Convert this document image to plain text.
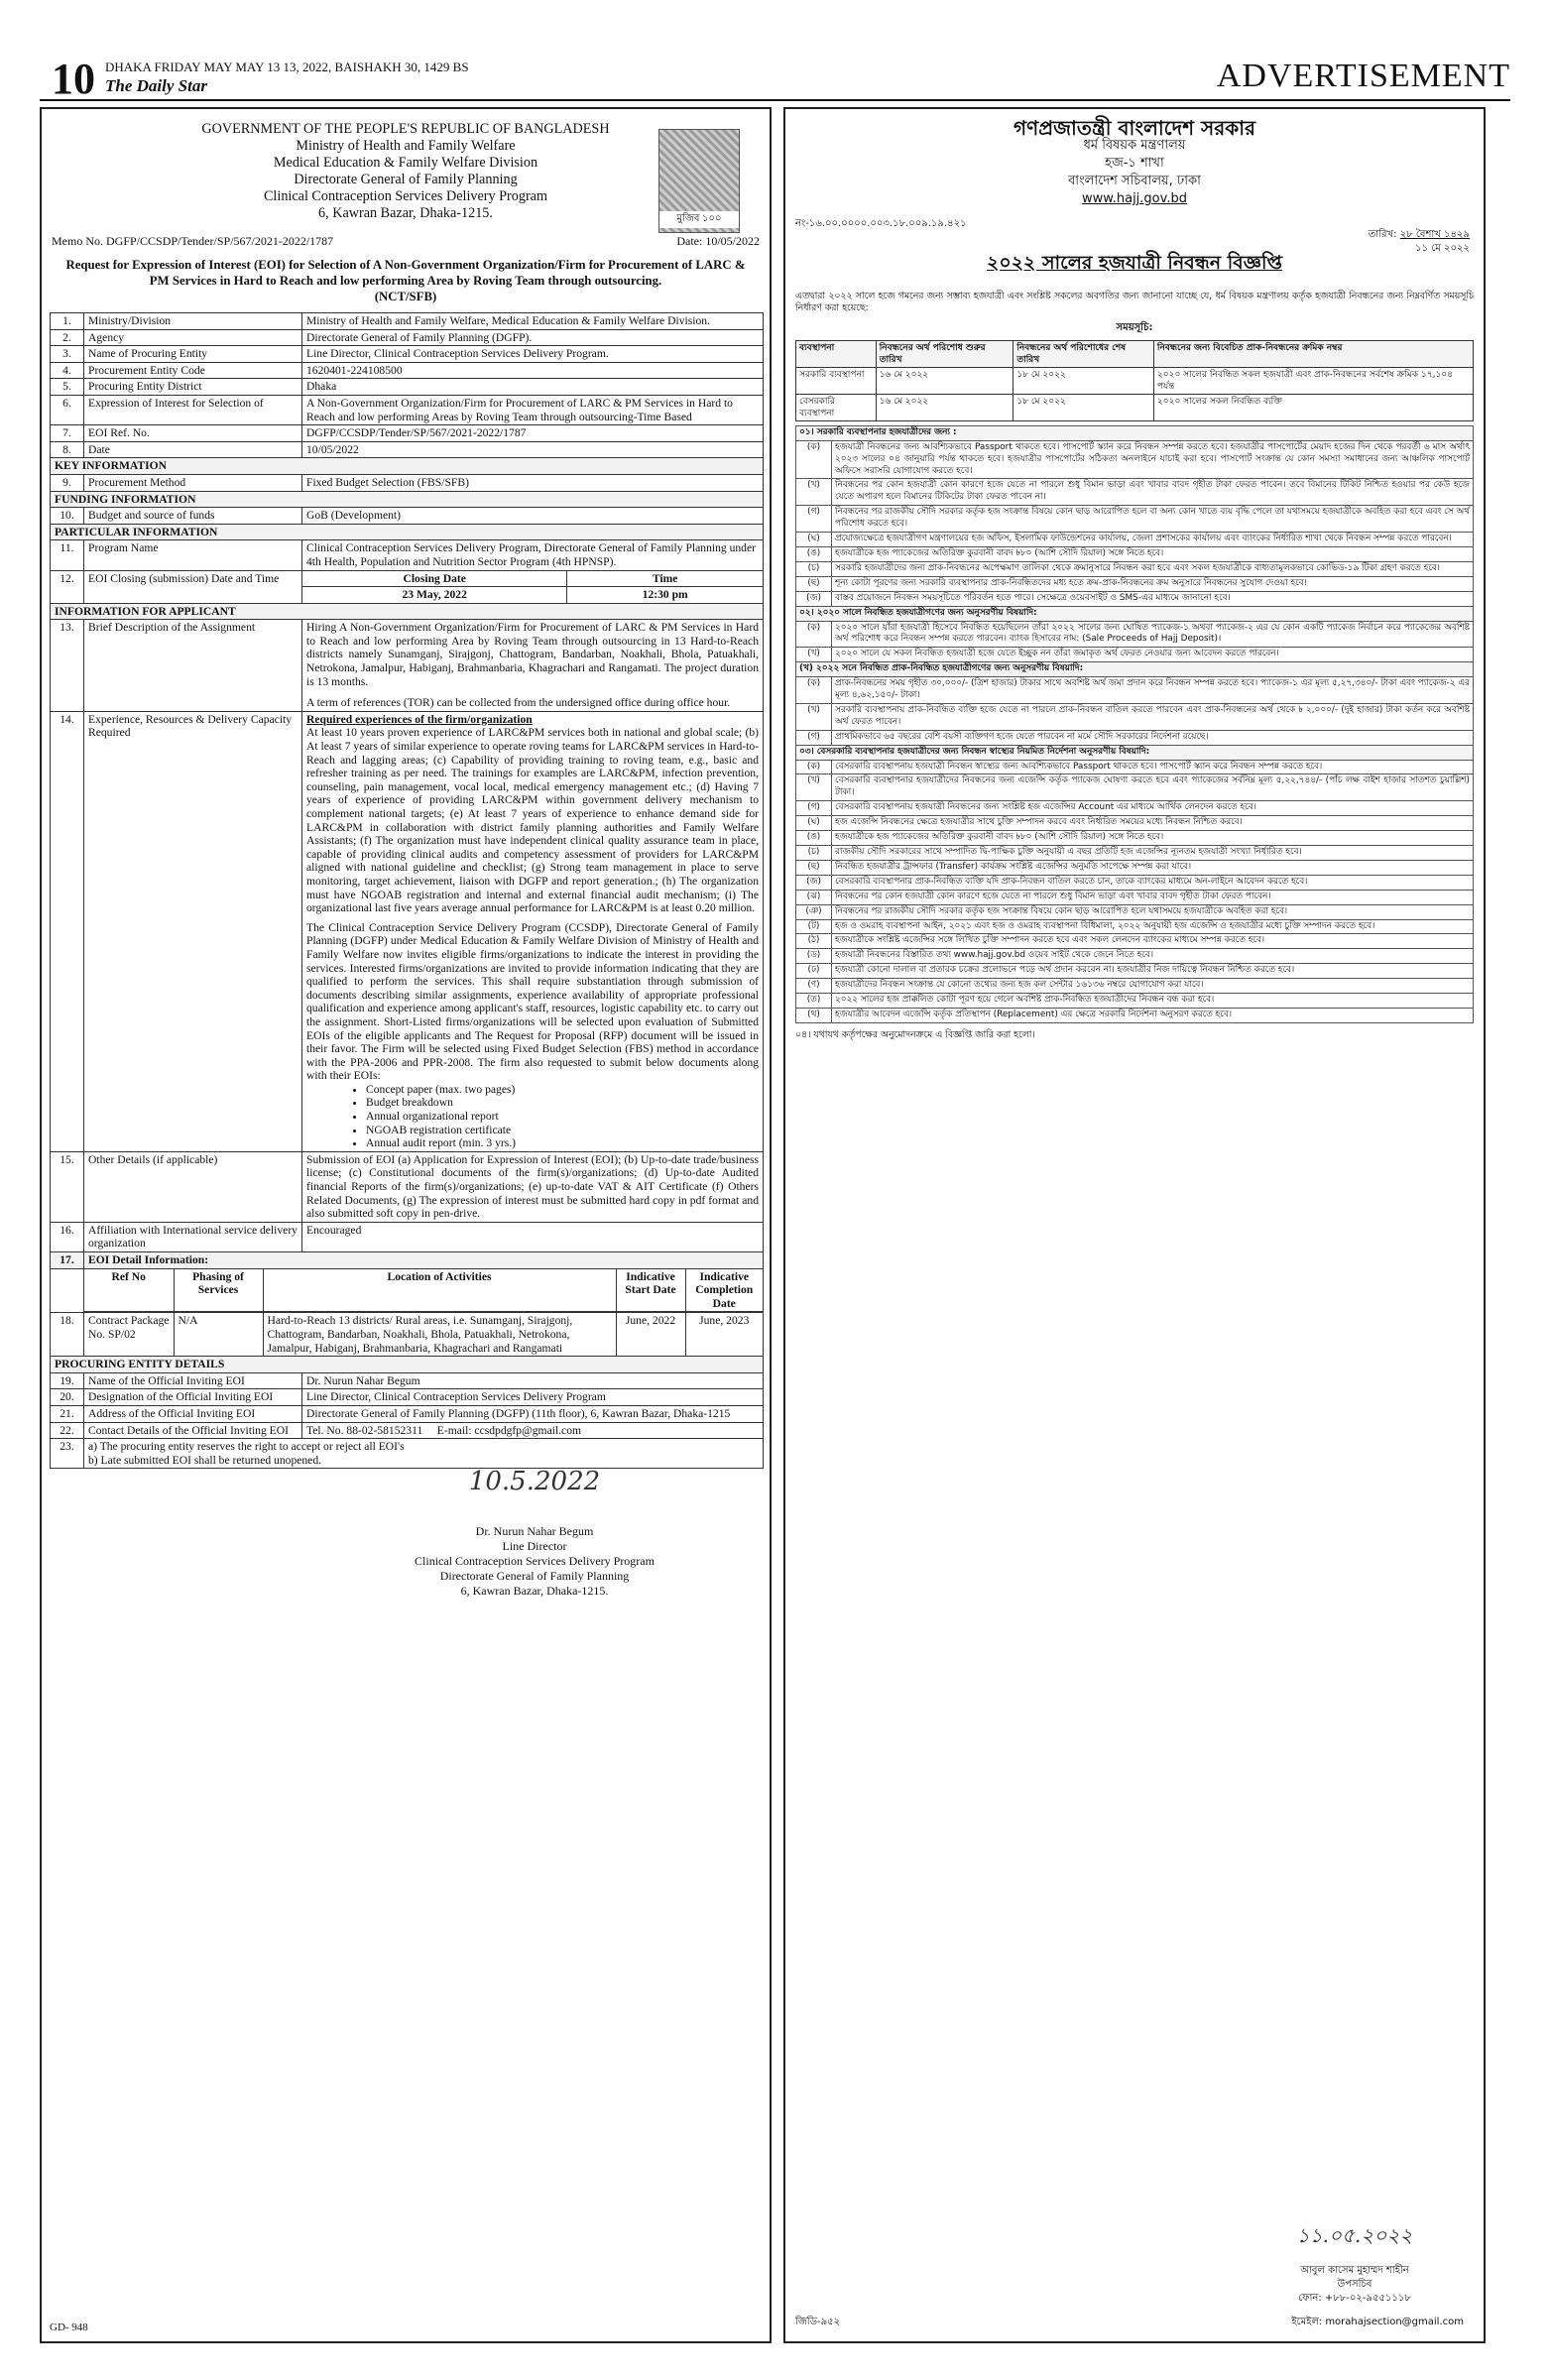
10 DHAKA FRIDAY MAY MAY 13 13, 2022, BAISHAKH 30, 1429 BS
The Daily Star	ADVERTISEMENT
মুজিব ১০০
GOVERNMENT OF THE PEOPLE'S REPUBLIC OF BANGLADESH
Ministry of Health and Family Welfare
Medical Education & Family Welfare Division
Directorate General of Family Planning
Clinical Contraception Services Delivery Program
6, Kawran Bazar, Dhaka-1215.
Memo No. DGFP/CCSDP/Tender/SP/567/2021-2022/1787	Date: 10/05/2022
Request for Expression of Interest (EOI) for Selection of A Non-Government Organization/Firm for Procurement of LARC & PM Services in Hard to Reach and low performing Area by Roving Team through outsourcing.
(NCT/SFB)
1.	Ministry/Division	Ministry of Health and Family Welfare, Medical Education & Family Welfare Division.
2.	Agency	Directorate General of Family Planning (DGFP).
3.	Name of Procuring Entity	Line Director, Clinical Contraception Services Delivery Program.
4.	Procurement Entity Code	1620401-224108500
5.	Procuring Entity District	Dhaka
6.	Expression of Interest for Selection of	A Non-Government Organization/Firm for Procurement of LARC & PM Services in Hard to Reach and low performing Areas by Roving Team through outsourcing-Time Based
7.	EOI Ref. No.	DGFP/CCSDP/Tender/SP/567/2021-2022/1787
8.	Date	10/05/2022
KEY INFORMATION
9.	Procurement Method	Fixed Budget Selection (FBS/SFB)
FUNDING INFORMATION
10.	Budget and source of funds	GoB (Development)
PARTICULAR INFORMATION
11.	Program Name	Clinical Contraception Services Delivery Program, Directorate General of Family Planning under 4th Health, Population and Nutrition Sector Program (4th HPNSP).
12.	EOI Closing (submission) Date and Time		Closing Date	Time
23 May, 2022	12:30 pm

INFORMATION FOR APPLICANT
13.	Brief Description of the Assignment	Hiring A Non-Government Organization/Firm for Procurement of LARC & PM Services in Hard to Reach and low performing Area by Roving Team through outsourcing in 13 Hard-to-Reach districts namely Sunamganj, Sirajgonj, Chattogram, Bandarban, Noakhali, Bhola, Patuakhali, Netrokona, Jamalpur, Habiganj, Brahmanbaria, Khagrachari and Rangamati. The project duration is 13 months.
A term of references (TOR) can be collected from the undersigned office during office hour.

14.	Experience, Resources & Delivery Capacity Required	
Required experiences of the firm/organization
At least 10 years proven experience of LARC&PM services both in national and global scale; (b) At least 7 years of similar experience to operate roving teams for LARC&PM services in Hard-to-Reach and lagging areas; (c) Capability of providing training to roving team, e.g., basic and refresher training as per need. The trainings for examples are LARC&PM, infection prevention, counseling, pain management, vocal local, medical emergency management etc.; (d) Having 7 years of experience of providing LARC&PM within government delivery mechanism to complement national targets; (e) At least 7 years of experience to enhance demand side for LARC&PM in collaboration with district family planning authorities and Family Welfare Assistants; (f) The organization must have independent clinical quality assurance team in place, capable of providing clinical audits and competency assessment of providers for LARC&PM aligned with national guideline and checklist; (g) Strong team management in place to serve monitoring, target achievement, liaison with DGFP and report generation.; (h) The organization must have NGOAB registration and internal and external financial audit mechanism; (i) The organizational last five years average annual performance for LARC&PM is at least 0.20 million.
The Clinical Contraception Service Delivery Program (CCSDP), Directorate General of Family Planning (DGFP) under Medical Education & Family Welfare Division of Ministry of Health and Family Welfare now invites eligible firms/organizations to indicate the interest in providing the services. Interested firms/organizations are invited to provide information indicating that they are qualified to perform the services. This shall require substantiation through submission of documents describing similar assignments, experience availability of appropriate professional qualification and experience among applicant's staff, resources, logistic capability etc. to carry out the assignment. Short-Listed firms/organizations will be selected upon evaluation of Submitted EOIs of the eligible applicants and The Request for Proposal (RFP) document will be issued in their favor. The Firm will be selected using Fixed Budget Selection (FBS) method in accordance with the PPA-2006 and PPR-2008. The firm also requested to submit below documents along with their EOIs:
• Concept paper (max. two pages)
• Budget breakdown
• Annual organizational report
• NGOAB registration certificate
• Annual audit report (min. 3 yrs.)

15.	Other Details (if applicable)	Submission of EOI (a) Application for Expression of Interest (EOI); (b) Up-to-date trade/business license; (c) Constitutional documents of the firm(s)/organizations; (d) Up-to-date Audited financial Reports of the firm(s)/organizations; (e) up-to-date VAT & AIT Certificate (f) Others Related Documents, (g) The expression of interest must be submitted hard copy in pdf format and also submitted soft copy in pen-drive.
16.	Affiliation with International service delivery organization	Encouraged
17.	EOI Detail Information:

Ref No	Phasing of Services	Location of Activities	Indicative Start Date	Indicative Completion Date

18.	Contract Package No. SP/02	N/A	Hard-to-Reach 13 districts/ Rural areas, i.e. Sunamganj, Sirajgonj, Chattogram, Bandarban, Noakhali, Bhola, Patuakhali, Netrokona, Jamalpur, Habiganj, Brahmanbaria, Khagrachari and Rangamati	June, 2022	June, 2023

PROCURING ENTITY DETAILS
19.	Name of the Official Inviting EOI	Dr. Nurun Nahar Begum
20.	Designation of the Official Inviting EOI	Line Director, Clinical Contraception Services Delivery Program
21.	Address of the Official Inviting EOI	Directorate General of Family Planning (DGFP) (11th floor), 6, Kawran Bazar, Dhaka-1215
22.	Contact Details of the Official Inviting EOI	Tel. No. 88-02-58152311 E-mail: ccsdpdgfp@gmail.com
23.	a) The procuring entity reserves the right to accept or reject all EOI's
b) Late submitted EOI shall be returned unopened.
10.5.2022
Dr. Nurun Nahar Begum
Line Director
Clinical Contraception Services Delivery Program
Directorate General of Family Planning
6, Kawran Bazar, Dhaka-1215.
GD- 948
গণপ্রজাতন্ত্রী বাংলাদেশ সরকার
ধর্ম বিষয়ক মন্ত্রণালয়
হজ-১ শাখা
বাংলাদেশ সচিবালয়, ঢাকা
www.hajj.gov.bd
নং-১৬.০০.০০০০.০০৩.১৮.০০৯.১৯.৪২১
তারিখ: ২৮ বৈশাখ ১৪২৯
১১ মে ২০২২
২০২২ সালের হজযাত্রী নিবন্ধন বিজ্ঞপ্তি
এতদ্বারা ২০২২ সালে হজে গমনের জন্য সম্ভাব্য হজযাত্রী এবং সংশ্লিষ্ট সকলের অবগতির জন্য জানানো যাচ্ছে যে, ধর্ম বিষয়ক মন্ত্রণালয় কর্তৃক হজযাত্রী নিবন্ধনের জন্য নিম্নবর্ণিত সময়সূচি নির্ধারণ করা হয়েছে:
সময়সূচি:
ব্যবস্থাপনা	নিবন্ধনের অর্থ পরিশোধ শুরুর তারিখ	নিবন্ধনের অর্থ পরিশোধের শেষ তারিখ	নিবন্ধনের জন্য বিবেচিত প্রাক-নিবন্ধনের ক্রমিক নম্বর
সরকারি ব্যবস্থাপনা	১৬ মে ২০২২	১৮ মে ২০২২	২০২০ সালের নিবন্ধিত সকল হজযাত্রী এবং প্রাক-নিবন্ধনের সর্বশেষ ক্রমিক ১৭,১০৪ পর্যন্ত
বেসরকারি ব্যবস্থাপনা	১৬ মে ২০২২	১৮ মে ২০২২	২০২০ সালের সকল নিবন্ধিত ব্যক্তি
০১। সরকারি ব্যবস্থাপনার হজযাত্রীদের জন্য :	
(ক)	হজযাত্রী নিবন্ধনের জন্য আবশ্যিকভাবে Passport থাকতে হবে। পাসপোর্ট স্ক্যান করে নিবন্ধন সম্পন্ন করতে হবে। হজযাত্রীর পাসপোর্টের মেয়াদ হজের দিন থেকে পরবর্তী ৬ মাস অর্থাৎ ২০২৩ সালের ০৪ জানুয়ারি পর্যন্ত থাকতে হবে। হজযাত্রীর পাসপোর্টের সঠিকতা অনলাইনে যাচাই করা হবে। পাসপোর্ট সংক্রান্ত যে কোন সমস্যা সমাধানের জন্য আঞ্চলিক পাসপোর্ট অফিসে সরাসরি যোগাযোগ করতে হবে।
(খ)	নিবন্ধনের পর কোন হজযাত্রী কোন কারণে হজে যেতে না পারলে শুধু বিমান ভাড়া এবং খাবার বাবদ গৃহীত টাকা ফেরত পাবেন। তবে বিমানের টিকিট নিশ্চিত হওয়ার পর কেউ হজে যেতে অপারগ হলে বিমানের টিকিটের টাকা ফেরত পাবেন না।
(গ)	নিবন্ধনের পর রাজকীয় সৌদি সরকার কর্তৃক হজ সংক্রান্ত বিষয়ে কোন ছাড় আরোপিত হলে বা অন্য কোন খাতে ব্যয় বৃদ্ধি পেলে তা যথাসময়ে হজযাত্রীকে অবহিত করা হবে এবং সে অর্থ পরিশোধ করতে হবে।
(ঘ)	প্রযোজ্যক্ষেত্রে হজযাত্রীগণ মন্ত্রণালয়ের হজ অফিস, ইসলামিক ফাউন্ডেশনের কার্যালয়, জেলা প্রশাসকের কার্যালয় এবং ব্যাংকের নির্ধারিত শাখা থেকে নিবন্ধন সম্পন্ন করতে পারবেন।
(ঙ)	হজযাত্রীকে হজ প্যাকেজের অতিরিক্ত কুরবানী বাবদ ৳৮০ (আশি সৌদি রিয়াল) সঙ্গে নিতে হবে।
(চ)	সরকারি হজযাত্রীদের জন্য প্রাক-নিবন্ধনের অপেক্ষমাণ তালিকা থেকে ক্রমানুসারে নিবন্ধন করা হবে এবং সকল হজযাত্রীকে বাধ্যতামূলকভাবে কোভিড-১৯ টিকা গ্রহণ করতে হবে।
(ছ)	শূন্য কোটা পূরণের জন্য সরকারি ব্যবস্থাপনার প্রাক-নিবন্ধিতদের মধ্য হতে ক্রম-প্রাক-নিবন্ধনের ক্রম অনুসারে নিবন্ধনের সুযোগ দেওয়া হবে।
(জ)	বাস্তব প্রয়োজনে নিবন্ধন সময়সূচিতে পরিবর্তন হতে পারে। সেক্ষেত্রে ওয়েবসাইট ও SMS-এর মাধ্যমে জানানো হবে।
০২। ২০২০ সালে নিবন্ধিত হজযাত্রীগণের জন্য অনুসরণীয় বিষয়াদি:	
(ক)	২০২০ সালে যাঁরা হজযাত্রী হিসেবে নিবন্ধিত হয়েছিলেন তাঁরা ২০২২ সালের জন্য ঘোষিত প্যাকেজ-১ অথবা প্যাকেজ-২ এর যে কোন একটি প্যাকেজ নির্বাচন করে প্যাকেজের অবশিষ্ট অর্থ পরিশোধ করে নিবন্ধন সম্পন্ন করতে পারবেন। ব্যাংক হিসাবের নাম: (Sale Proceeds of Hajj Deposit)।
(খ)	২০২০ সালে যে সকল নিবন্ধিত হজযাত্রী হজে যেতে ইচ্ছুক নন তাঁরা জমাকৃত অর্থ ফেরত নেওয়ার জন্য আবেদন করতে পারবেন।
(খ) ২০২২ সনে নিবন্ধিত প্রাক-নিবন্ধিত হজযাত্রীগণের জন্য অনুসরণীয় বিষয়াদি:	
(ক)	প্রাক-নিবন্ধনের সময় গৃহীত ৩০,০০০/- (ত্রিশ হাজার) টাকার সাথে অবশিষ্ট অর্থ জমা প্রদান করে নিবন্ধন সম্পন্ন করতে হবে। প্যাকেজ-১ এর মূল্য ৫,২৭,৩৪০/- টাকা এবং প্যাকেজ-২ এর মূল্য ৪,৬২,১৫০/- টাকা।
(খ)	সরকারি ব্যবস্থাপনায় প্রাক-নিবন্ধিত ব্যক্তি হজে যেতে না পারলে প্রাক-নিবন্ধন বাতিল করতে পারবেন এবং প্রাক-নিবন্ধনের অর্থ থেকে ৳ ২,০০০/- (দুই হাজার) টাকা কর্তন করে অবশিষ্ট অর্থ ফেরত পাবেন।
(গ)	প্রাথমিকভাবে ৬৫ বছরের বেশি বয়সী ব্যক্তিগণ হজে যেতে পারবেন না মর্মে সৌদি সরকারের নির্দেশনা রয়েছে।
০৩। বেসরকারি ব্যবস্থাপনার হজযাত্রীদের জন্য নিবন্ধন স্বাস্থ্যের নিয়মিত নির্দেশনা অনুসরণীয় বিষয়াদি:	
(ক)	বেসরকারি ব্যবস্থাপনায় হজযাত্রী নিবন্ধন স্বাস্থ্যের জন্য আবশ্যিকভাবে Passport থাকতে হবে। পাসপোর্ট স্ক্যান করে নিবন্ধন সম্পন্ন করতে হবে।
(খ)	বেসরকারি ব্যবস্থাপনার হজযাত্রীদের নিবন্ধনের জন্য এজেন্সি কর্তৃক প্যাকেজ ঘোষণা করতে হবে এবং প্যাকেজের সর্বনিম্ন মূল্য ৫,২২,৭৪৪/- (পাঁচ লক্ষ বাইশ হাজার সাতশত চুয়াল্লিশ) টাকা।
(গ)	বেসরকারি ব্যবস্থাপনায় হজযাত্রী নিবন্ধনের জন্য সংশ্লিষ্ট হজ এজেন্সির Account এর মাধ্যমে আর্থিক লেনদেন করতে হবে।
(ঘ)	হজ এজেন্সি নিবন্ধনের ক্ষেত্রে হজযাত্রীর সাথে চুক্তি সম্পাদন করবে এবং নির্ধারিত সময়ের মধ্যে নিবন্ধন নিশ্চিত করবে।
(ঙ)	হজযাত্রীকে হজ প্যাকেজের অতিরিক্ত কুরবানী বাবদ ৳৮০ (আশি সৌদি রিয়াল) সঙ্গে নিতে হবে।
(চ)	রাজকীয় সৌদি সরকারের সাথে সম্পাদিত দ্বি-পাক্ষিক চুক্তি অনুযায়ী এ বছর প্রতিটি হজ এজেন্সির ন্যূনতম হজযাত্রী সংখ্যা নির্ধারিত হবে।
(ছ)	নিবন্ধিত হজযাত্রীর ট্রান্সফার (Transfer) কার্যক্রম সংশ্লিষ্ট এজেন্সির অনুমতি সাপেক্ষে সম্পন্ন করা যাবে।
(জ)	বেসরকারি ব্যবস্থাপনার প্রাক-নিবন্ধিত ব্যক্তি যদি প্রাক-নিবন্ধন বাতিল করতে চান, তাকে ব্যাংকের মাধ্যমে অন-লাইনে আবেদন করতে হবে।
(ঝ)	নিবন্ধনের পর কোন হজযাত্রী কোন কারণে হজে যেতে না পারলে শুধু বিমান ভাড়া এবং খাবার বাবদ গৃহীত টাকা ফেরত পাবেন।
(ঞ)	নিবন্ধনের পর রাজকীয় সৌদি সরকার কর্তৃক হজ সংক্রান্ত বিষয়ে কোন ছাড় আরোপিত হলে যথাসময়ে হজযাত্রীকে অবহিত করা হবে।
(ট)	হজ ও ওমরাহ ব্যবস্থাপনা আইন, ২০২১ এবং হজ ও ওমরাহ ব্যবস্থাপনা বিধিমালা, ২০২২ অনুযায়ী হজ এজেন্সি ও হজযাত্রীর মধ্যে চুক্তি সম্পাদন করতে হবে।
(ঠ)	হজযাত্রীকে সংশ্লিষ্ট এজেন্সির সঙ্গে লিখিত চুক্তি সম্পাদন করতে হবে এবং সকল লেনদেন ব্যাংকের মাধ্যমে সম্পন্ন করতে হবে।
(ড)	হজযাত্রী নিবন্ধনের বিস্তারিত তথ্য www.hajj.gov.bd ওয়েব সাইট থেকে জেনে নিতে হবে।
(ঢ)	হজযাত্রী কোনো দালাল বা প্রতারক চক্রের প্রলোভনে পড়ে অর্থ প্রদান করবেন না। হজযাত্রীর নিজ দায়িত্বে নিবন্ধন নিশ্চিত করতে হবে।
(ণ)	হজযাত্রীদের নিবন্ধন সংক্রান্ত যে কোনো তথ্যের জন্য হজ কল সেন্টার ১৬১৩৬ নম্বরে যোগাযোগ করা যাবে।
(ত)	২০২২ সালের হজ প্রাক্কলিত কোটা পূরণ হয়ে গেলে অবশিষ্ট প্রাক-নিবন্ধিত হজযাত্রীদের নিবন্ধন বন্ধ করা হবে।
(থ)	হজযাত্রীর আবেদন এজেন্সি কর্তৃক প্রতিস্থাপন (Replacement) এর ক্ষেত্রে সরকারি নির্দেশনা অনুসরণ করতে হবে।
০৪। যথাযথ কর্তৃপক্ষের অনুমোদনক্রমে এ বিজ্ঞপ্তি জারি করা হলো।
১১.০৫.২০২২
আবুল কাসেম মুহাম্মদ শাহীন
উপসচিব
ফোন: +৮৮-০২-৯৫৫১১১৮
জিডি-৯৫২	ইমেইল: morahajsection@gmail.com
